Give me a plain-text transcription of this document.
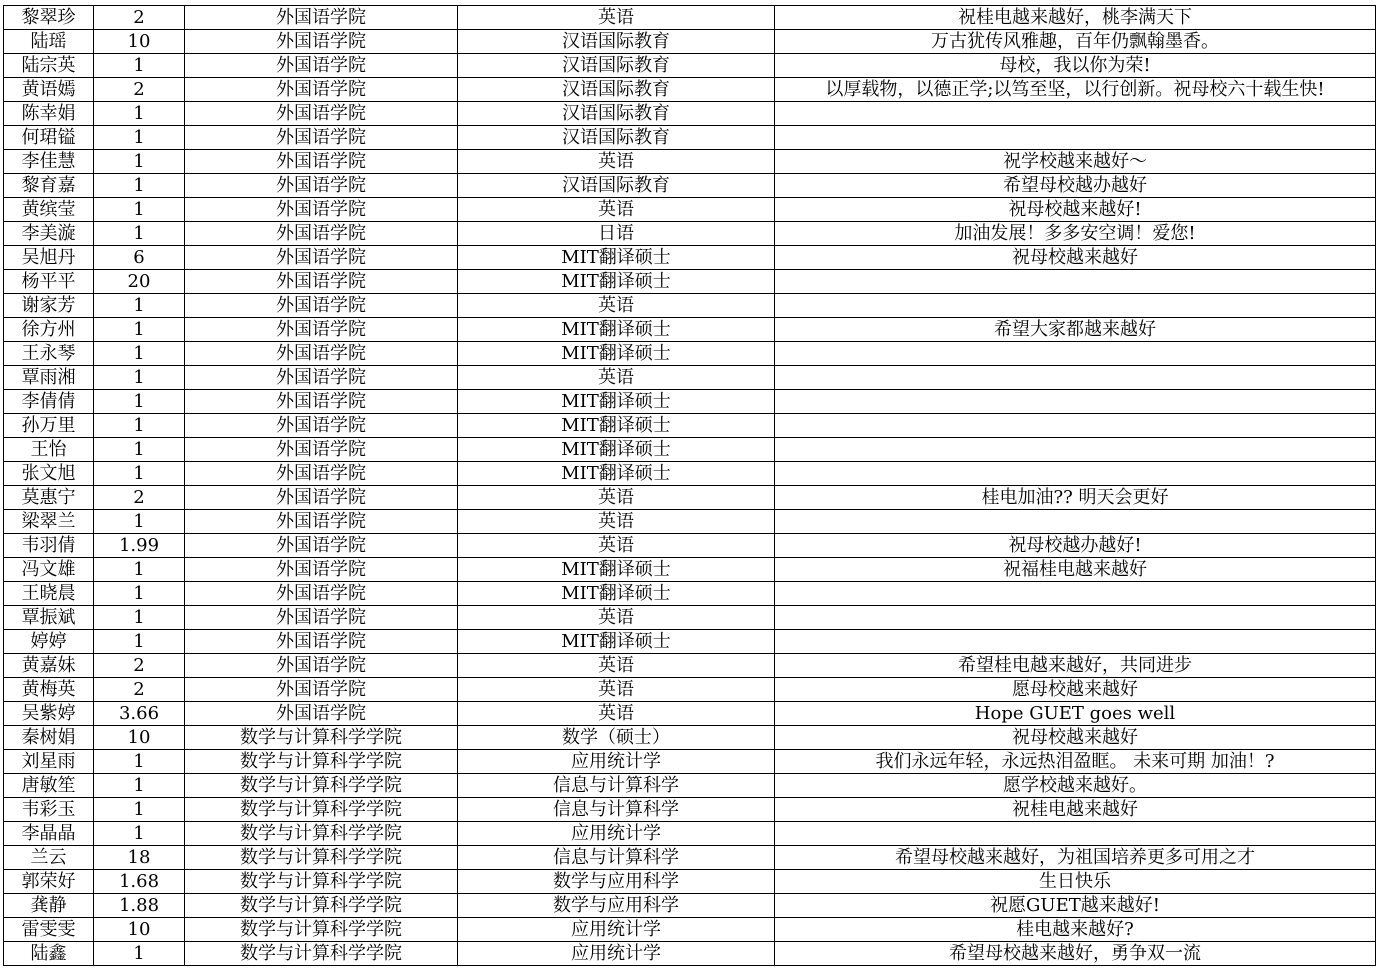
黎翠珍	2	外国语学院	英语	祝桂电越来越好，桃李满天下
陆瑶	10	外国语学院	汉语国际教育	万古犹传风雅趣，百年仍飘翰墨香。
陆宗英	1	外国语学院	汉语国际教育	母校，我以你为荣!
黄语嫣	2	外国语学院	汉语国际教育	以厚载物，以德正学;以笃至坚，以行创新。祝母校六十载生快!
陈幸娟	1	外国语学院	汉语国际教育	
何珺镒	1	外国语学院	汉语国际教育	
李佳慧	1	外国语学院	英语	祝学校越来越好～
黎育嘉	1	外国语学院	汉语国际教育	希望母校越办越好
黄缤莹	1	外国语学院	英语	祝母校越来越好!
李美漩	1	外国语学院	日语	加油发展！多多安空调！爱您!
吴旭丹	6	外国语学院	MIT翻译硕士	祝母校越来越好
杨平平	20	外国语学院	MIT翻译硕士	
谢家芳	1	外国语学院	英语	
徐方州	1	外国语学院	MIT翻译硕士	希望大家都越来越好
王永琴	1	外国语学院	MIT翻译硕士	
覃雨湘	1	外国语学院	英语	
李倩倩	1	外国语学院	MIT翻译硕士	
孙万里	1	外国语学院	MIT翻译硕士	
王怡	1	外国语学院	MIT翻译硕士	
张文旭	1	外国语学院	MIT翻译硕士	
莫惠宁	2	外国语学院	英语	桂电加油?? 明天会更好
梁翠兰	1	外国语学院	英语	
韦羽倩	1.99	外国语学院	英语	祝母校越办越好!
冯文雄	1	外国语学院	MIT翻译硕士	祝福桂电越来越好
王晓晨	1	外国语学院	MIT翻译硕士	
覃振斌	1	外国语学院	英语	
婷婷	1	外国语学院	MIT翻译硕士	
黄嘉妹	2	外国语学院	英语	希望桂电越来越好，共同进步
黄梅英	2	外国语学院	英语	愿母校越来越好
吴紫婷	3.66	外国语学院	英语	Hope GUET goes well
秦树娟	10	数学与计算科学学院	数学（硕士）	祝母校越来越好
刘星雨	1	数学与计算科学学院	应用统计学	我们永远年轻，永远热泪盈眶。 未来可期 加油！?
唐敏笙	1	数学与计算科学学院	信息与计算科学	愿学校越来越好。
韦彩玉	1	数学与计算科学学院	信息与计算科学	祝桂电越来越好
李晶晶	1	数学与计算科学学院	应用统计学	
兰云	18	数学与计算科学学院	信息与计算科学	希望母校越来越好，为祖国培养更多可用之才
郭荣好	1.68	数学与计算科学学院	数学与应用科学	生日快乐
龚静	1.88	数学与计算科学学院	数学与应用科学	祝愿GUET越来越好!
雷雯雯	10	数学与计算科学学院	应用统计学	桂电越来越好?
陆鑫	1	数学与计算科学学院	应用统计学	希望母校越来越好，勇争双一流
